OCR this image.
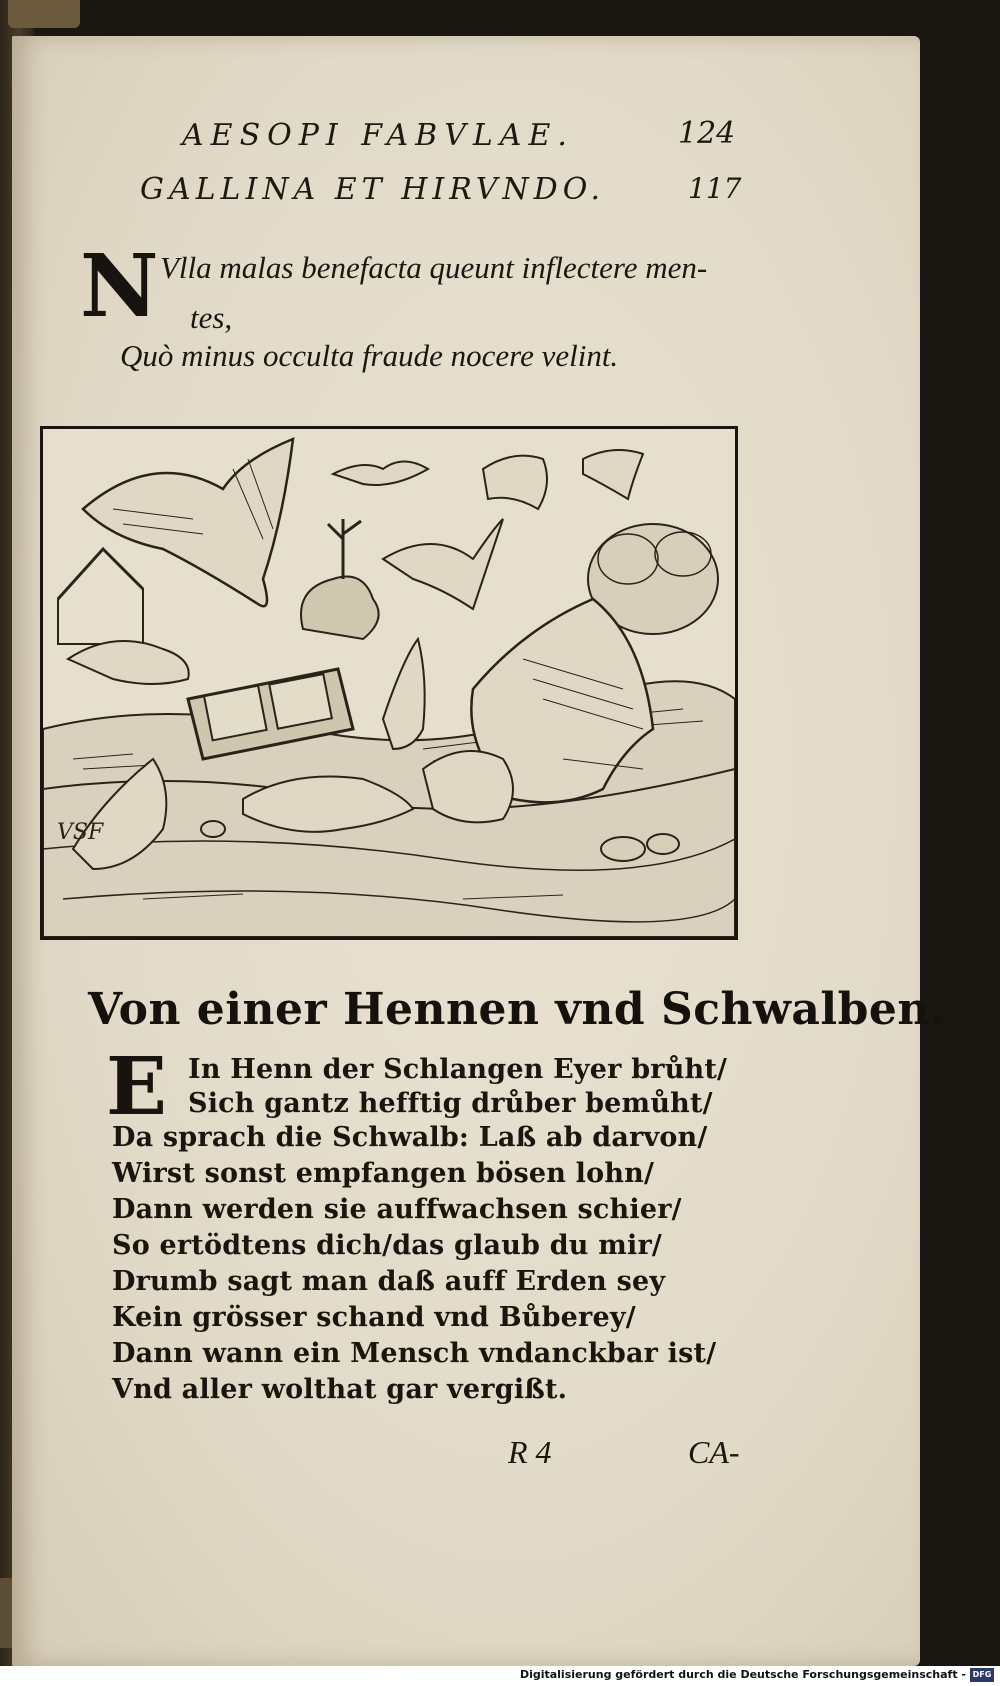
AESOPI FABVLAE.	124
GALLINA ET HIRVNDO.	117
N Vlla malas benefacta queunt inflectere men-
tes,
Quò minus occulta fraude nocere velint.
VSF
Von einer Hennen vnd Schwalben.
E In Henn der Schlangen Eyer brůht/
Sich gantz hefftig drůber bemůht/
Da sprach die Schwalb: Laß ab darvon/
Wirst sonst empfangen bösen lohn/
Dann werden sie auffwachsen schier/
So ertödtens dich/das glaub du mir/
Drumb sagt man daß auff Erden sey
Kein grösser schand vnd Bůberey/
Dann wann ein Mensch vndanckbar ist/
Vnd aller wolthat gar vergißt.
R 4	CA-
Digitalisierung gefördert durch die Deutsche Forschungsgemeinschaft - DFG
